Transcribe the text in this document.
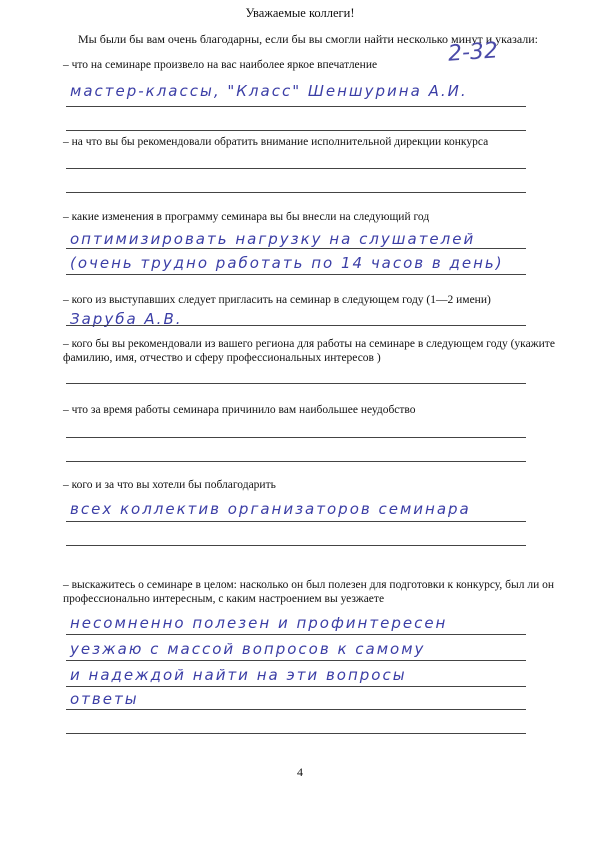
Уважаемые коллеги!
Мы были бы вам очень благодарны, если бы вы смогли найти несколько минут и указали:
2-32
– что на семинаре произвело на вас наиболее яркое впечатление
мастер-классы, "Класс" Шеншурина А.И.
– на что вы бы рекомендовали обратить внимание исполнительной дирекции конкурса
– какие изменения в программу семинара вы бы внесли на следующий год
оптимизировать нагрузку на слушателей
(очень трудно работать по 14 часов в день)
– кого из выступавших следует пригласить на семинар в следующем году (1—2 имени)
Заруба А.В.
– кого бы вы рекомендовали из вашего региона для работы на семинаре в следующем году (укажите фамилию, имя, отчество и сферу профессиональных интересов )
– что за время работы семинара причинило вам наибольшее неудобство
– кого и за что вы хотели бы поблагодарить
всех коллектив организаторов семинара
– выскажитесь о семинаре в целом: насколько он был полезен для подготовки к конкурсу, был ли он профессионально интересным, с каким настроением вы уезжаете
несомненно полезен и профинтересен
уезжаю с массой вопросов к самому
и надеждой найти на эти вопросы
ответы
4
